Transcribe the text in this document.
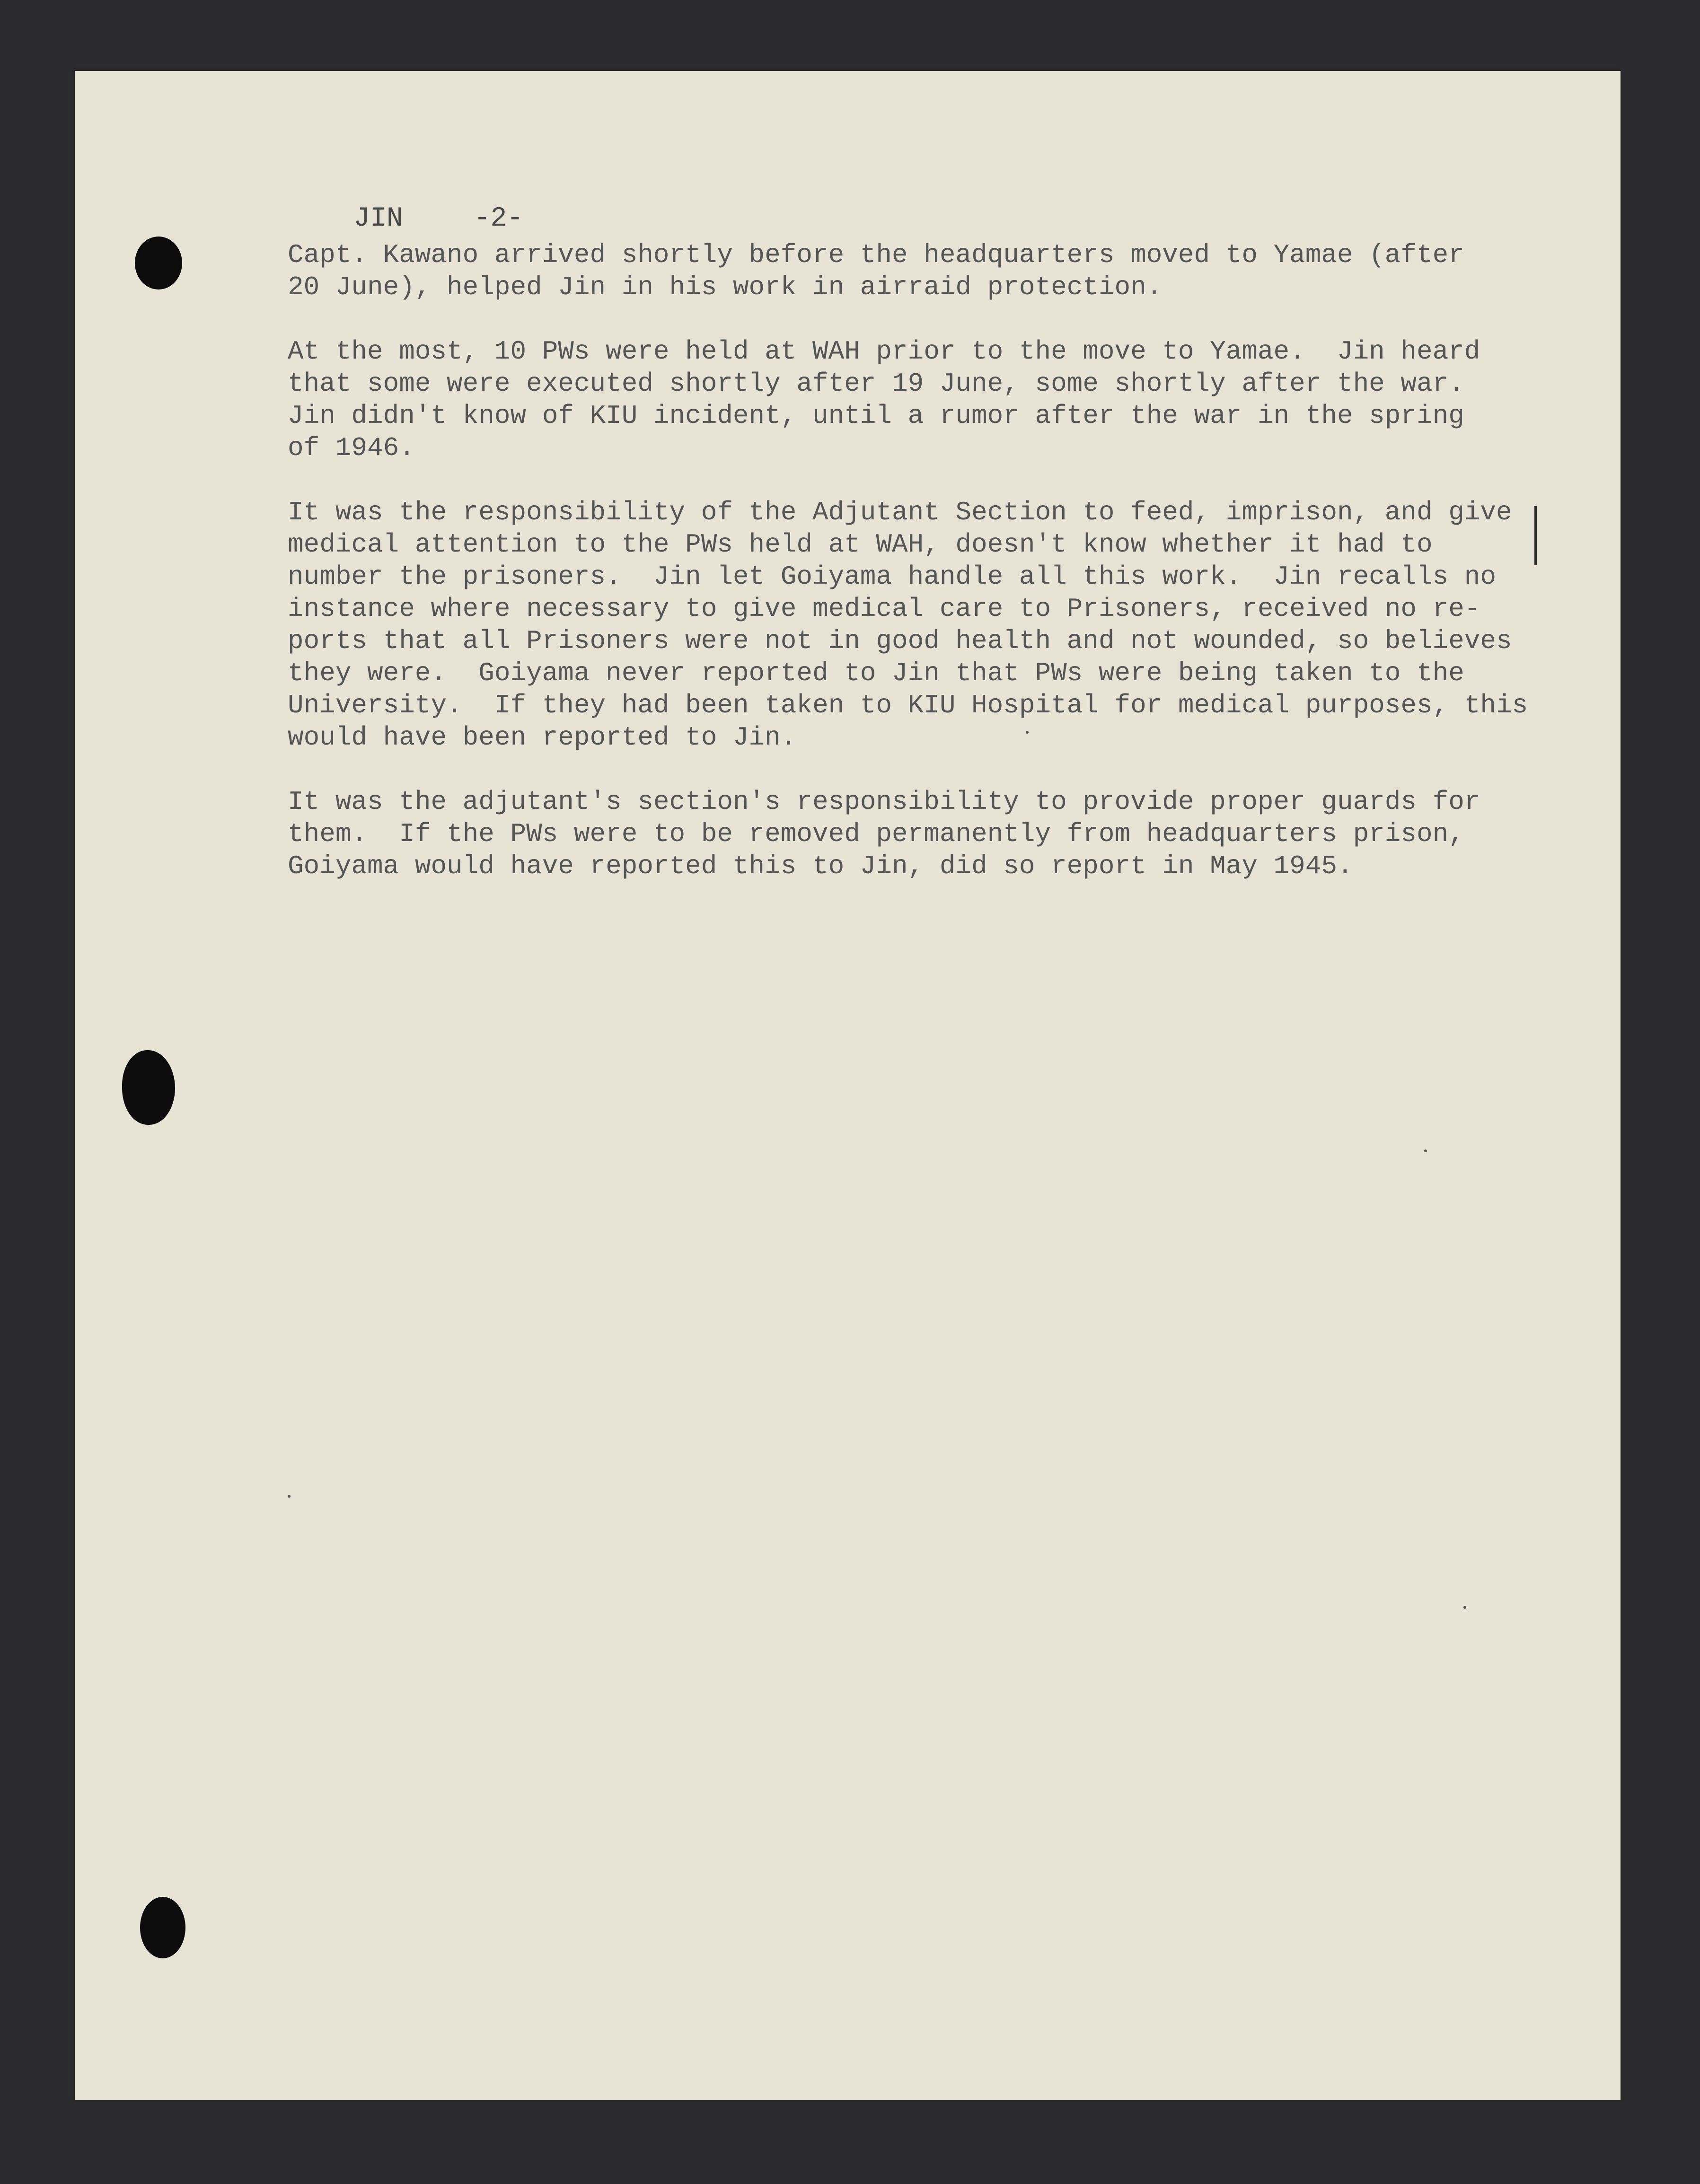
JIN	-2-

Capt. Kawano arrived shortly before the headquarters moved to Yamae (after
20 June), helped Jin in his work in airraid protection.
At the most, 10 PWs were held at WAH prior to the move to Yamae.  Jin heard
that some were executed shortly after 19 June, some shortly after the war.
Jin didn't know of KIU incident, until a rumor after the war in the spring
of 1946.
It was the responsibility of the Adjutant Section to feed, imprison, and give
medical attention to the PWs held at WAH, doesn't know whether it had to
number the prisoners.  Jin let Goiyama handle all this work.  Jin recalls no
instance where necessary to give medical care to Prisoners, received no re-
ports that all Prisoners were not in good health and not wounded, so believes
they were.  Goiyama never reported to Jin that PWs were being taken to the
University.  If they had been taken to KIU Hospital for medical purposes, this
would have been reported to Jin.
It was the adjutant's section's responsibility to provide proper guards for
them.  If the PWs were to be removed permanently from headquarters prison,
Goiyama would have reported this to Jin, did so report in May 1945.
